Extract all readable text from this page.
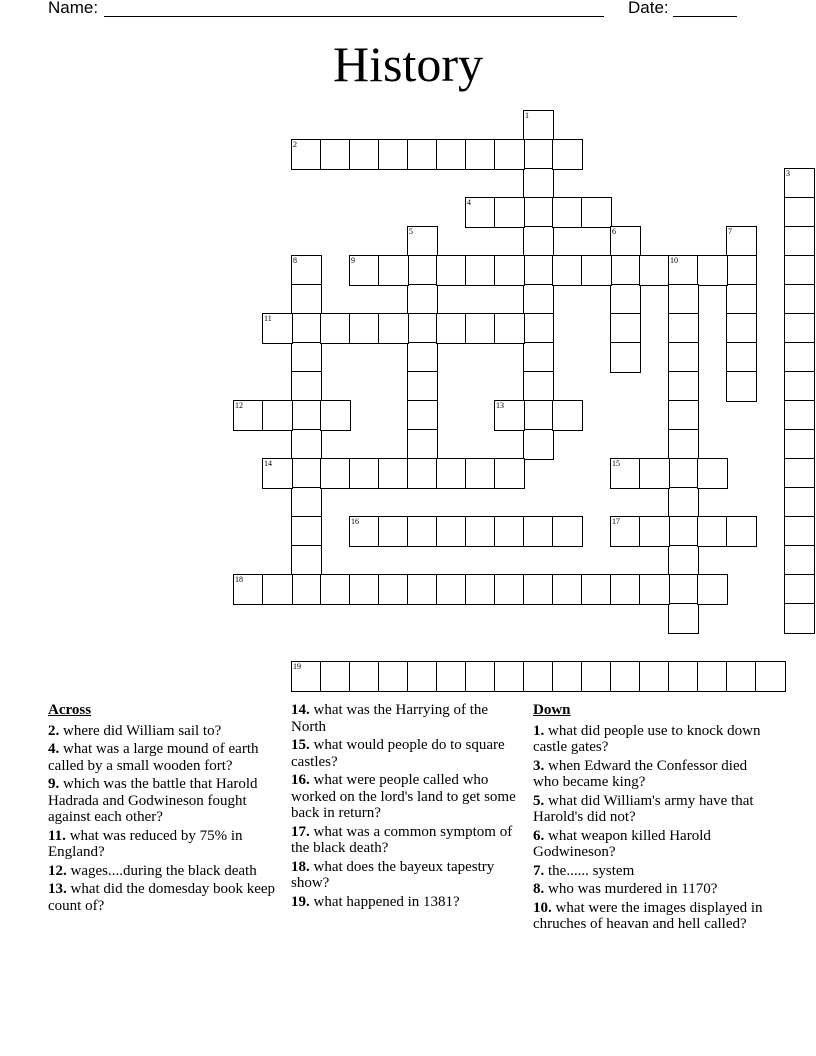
Name:	Date:
History
1
2
3
4
5	6	7
8	9	10
11
12	13
14	15
16	17
18
19
Across
2. where did William sail to?
4. what was a large mound of earth called by a small wooden fort?
9. which was the battle that Harold Hadrada and Godwineson fought against each other?
11. what was reduced by 75% in England?
12. wages....during the black death
13. what did the domesday book keep count of?
14. what was the Harrying of the North
15. what would people do to square castles?
16. what were people called who worked on the lord's land to get some back in return?
17. what was a common symptom of the black death?
18. what does the bayeux tapestry show?
19. what happened in 1381?
Down
1. what did people use to knock down castle gates?
3. when Edward the Confessor died who became king?
5. what did William's army have that Harold's did not?
6. what weapon killed Harold Godwineson?
7. the...... system
8. who was murdered in 1170?
10. what were the images displayed in chruches of heavan and hell called?
